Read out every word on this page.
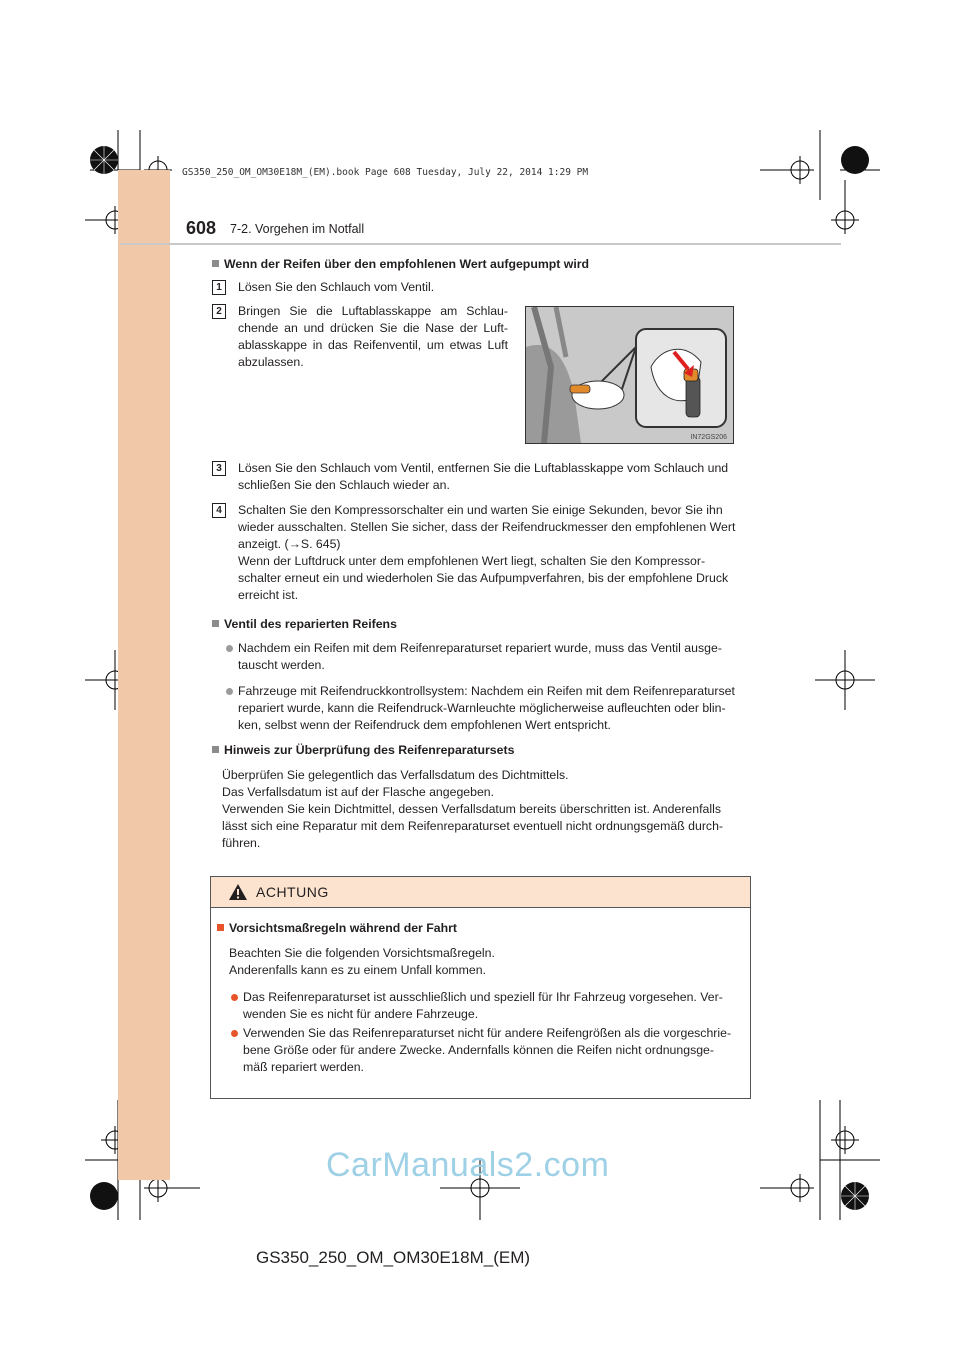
GS350_250_OM_OM30E18M_(EM).book Page 608 Tuesday, July 22, 2014 1:29 PM
608 7-2. Vorgehen im Notfall
Wenn der Reifen über den empfohlenen Wert aufgepumpt wird
1	Lösen Sie den Schlauch vom Ventil.
2	Bringen Sie die Luftablasskappe am Schlau-
chende an und drücken Sie die Nase der Luft-
ablasskappe in das Reifenventil, um etwas Luft
abzulassen.
IN72GS206
3	Lösen Sie den Schlauch vom Ventil, entfernen Sie die Luftablasskappe vom Schlauch und
schließen Sie den Schlauch wieder an.
4	Schalten Sie den Kompressorschalter ein und warten Sie einige Sekunden, bevor Sie ihn
wieder ausschalten. Stellen Sie sicher, dass der Reifendruckmesser den empfohlenen Wert
anzeigt. (→S. 645)
Wenn der Luftdruck unter dem empfohlenen Wert liegt, schalten Sie den Kompressor-
schalter erneut ein und wiederholen Sie das Aufpumpverfahren, bis der empfohlene Druck
erreicht ist.
Ventil des reparierten Reifens
Nachdem ein Reifen mit dem Reifenreparaturset repariert wurde, muss das Ventil ausge-
tauscht werden.
Fahrzeuge mit Reifendruckkontrollsystem: Nachdem ein Reifen mit dem Reifenreparaturset
repariert wurde, kann die Reifendruck-Warnleuchte möglicherweise aufleuchten oder blin-
ken, selbst wenn der Reifendruck dem empfohlenen Wert entspricht.
Hinweis zur Überprüfung des Reifenreparatursets
Überprüfen Sie gelegentlich das Verfallsdatum des Dichtmittels.
Das Verfallsdatum ist auf der Flasche angegeben.
Verwenden Sie kein Dichtmittel, dessen Verfallsdatum bereits überschritten ist. Anderenfalls
lässt sich eine Reparatur mit dem Reifenreparaturset eventuell nicht ordnungsgemäß durch-
führen.
ACHTUNG
Vorsichtsmaßregeln während der Fahrt
Beachten Sie die folgenden Vorsichtsmaßregeln.
Anderenfalls kann es zu einem Unfall kommen.
Das Reifenreparaturset ist ausschließlich und speziell für Ihr Fahrzeug vorgesehen. Ver-
wenden Sie es nicht für andere Fahrzeuge.
Verwenden Sie das Reifenreparaturset nicht für andere Reifengrößen als die vorgeschrie-
bene Größe oder für andere Zwecke. Andernfalls können die Reifen nicht ordnungsge-
mäß repariert werden.
CarManuals2.com
GS350_250_OM_OM30E18M_(EM)
